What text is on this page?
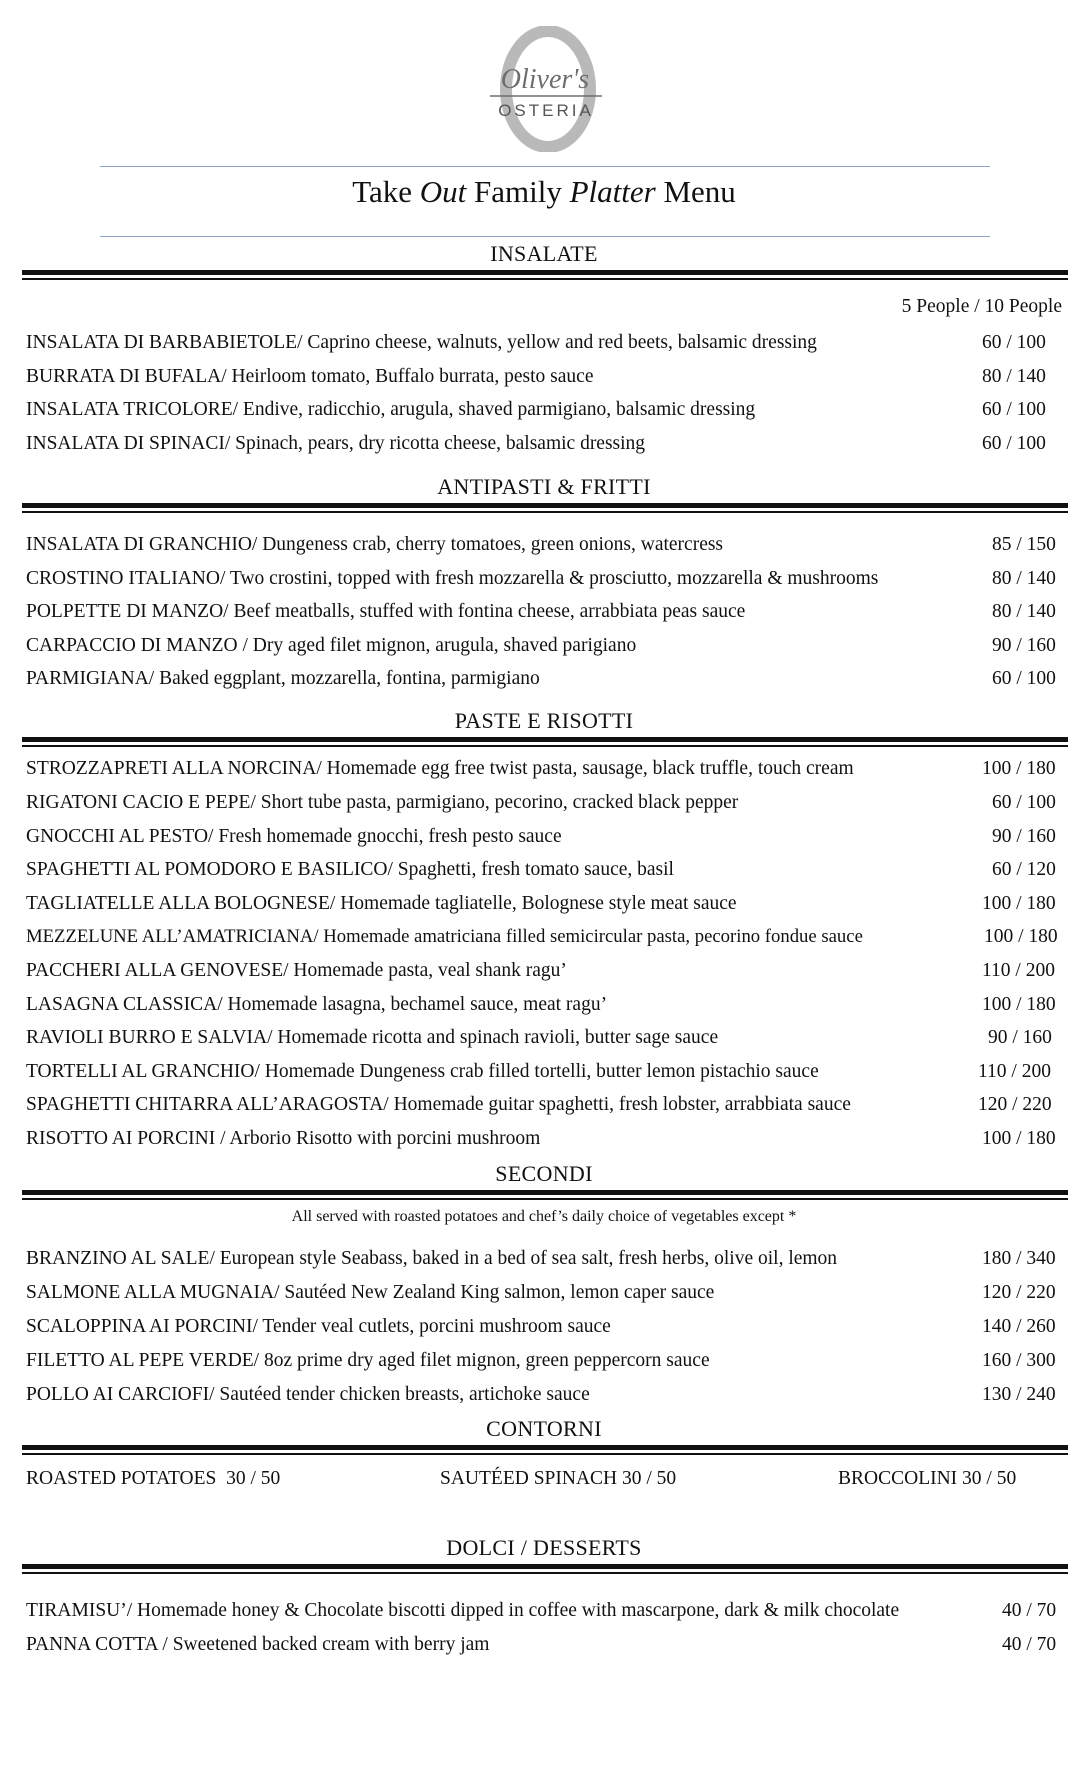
Oliver's
OSTERIA
Take Out Family Platter Menu
INSALATE
5 People / 10 People
INSALATA DI BARBABIETOLE/ Caprino cheese, walnuts, yellow and red beets, balsamic dressing	60 / 100
BURRATA DI BUFALA/ Heirloom tomato, Buffalo burrata, pesto sauce	80 / 140
INSALATA TRICOLORE/ Endive, radicchio, arugula, shaved parmigiano, balsamic dressing	60 / 100
INSALATA DI SPINACI/ Spinach, pears, dry ricotta cheese, balsamic dressing	60 / 100
ANTIPASTI & FRITTI
INSALATA DI GRANCHIO/ Dungeness crab, cherry tomatoes, green onions, watercress	85 / 150
CROSTINO ITALIANO/ Two crostini, topped with fresh mozzarella & prosciutto, mozzarella & mushrooms	80 / 140
POLPETTE DI MANZO/ Beef meatballs, stuffed with fontina cheese, arrabbiata peas sauce	80 / 140
CARPACCIO DI MANZO / Dry aged filet mignon, arugula, shaved parigiano	90 / 160
PARMIGIANA/ Baked eggplant, mozzarella, fontina, parmigiano	60 / 100
PASTE E RISOTTI
STROZZAPRETI ALLA NORCINA/ Homemade egg free twist pasta, sausage, black truffle, touch cream	100 / 180
RIGATONI CACIO E PEPE/ Short tube pasta, parmigiano, pecorino, cracked black pepper	60 / 100
GNOCCHI AL PESTO/ Fresh homemade gnocchi, fresh pesto sauce	90 / 160
SPAGHETTI AL POMODORO E BASILICO/ Spaghetti, fresh tomato sauce, basil	60 / 120
TAGLIATELLE ALLA BOLOGNESE/ Homemade tagliatelle, Bolognese style meat sauce	100 / 180
MEZZELUNE ALL’AMATRICIANA/ Homemade amatriciana filled semicircular pasta, pecorino fondue sauce	100 / 180
PACCHERI ALLA GENOVESE/ Homemade pasta, veal shank ragu’	110 / 200
LASAGNA CLASSICA/ Homemade lasagna, bechamel sauce, meat ragu’	100 / 180
RAVIOLI BURRO E SALVIA/ Homemade ricotta and spinach ravioli, butter sage sauce	90 / 160
TORTELLI AL GRANCHIO/ Homemade Dungeness crab filled tortelli, butter lemon pistachio sauce	110 / 200
SPAGHETTI CHITARRA ALL’ARAGOSTA/ Homemade guitar spaghetti, fresh lobster, arrabbiata sauce	120 / 220
RISOTTO AI PORCINI / Arborio Risotto with porcini mushroom	100 / 180
SECONDI
All served with roasted potatoes and chef’s daily choice of vegetables except *
BRANZINO AL SALE/ European style Seabass, baked in a bed of sea salt, fresh herbs, olive oil, lemon	180 / 340
SALMONE ALLA MUGNAIA/ Sautéed New Zealand King salmon, lemon caper sauce	120 / 220
SCALOPPINA AI PORCINI/ Tender veal cutlets, porcini mushroom sauce	140 / 260
FILETTO AL PEPE VERDE/ 8oz prime dry aged filet mignon, green peppercorn sauce	160 / 300
POLLO AI CARCIOFI/ Sautéed tender chicken breasts, artichoke sauce	130 / 240
CONTORNI
ROASTED POTATOES  30 / 50	SAUTÉED SPINACH 30 / 50	BROCCOLINI 30 / 50
DOLCI / DESSERTS
TIRAMISU’/ Homemade honey & Chocolate biscotti dipped in coffee with mascarpone, dark & milk chocolate	40 / 70
PANNA COTTA / Sweetened backed cream with berry jam	40 / 70
